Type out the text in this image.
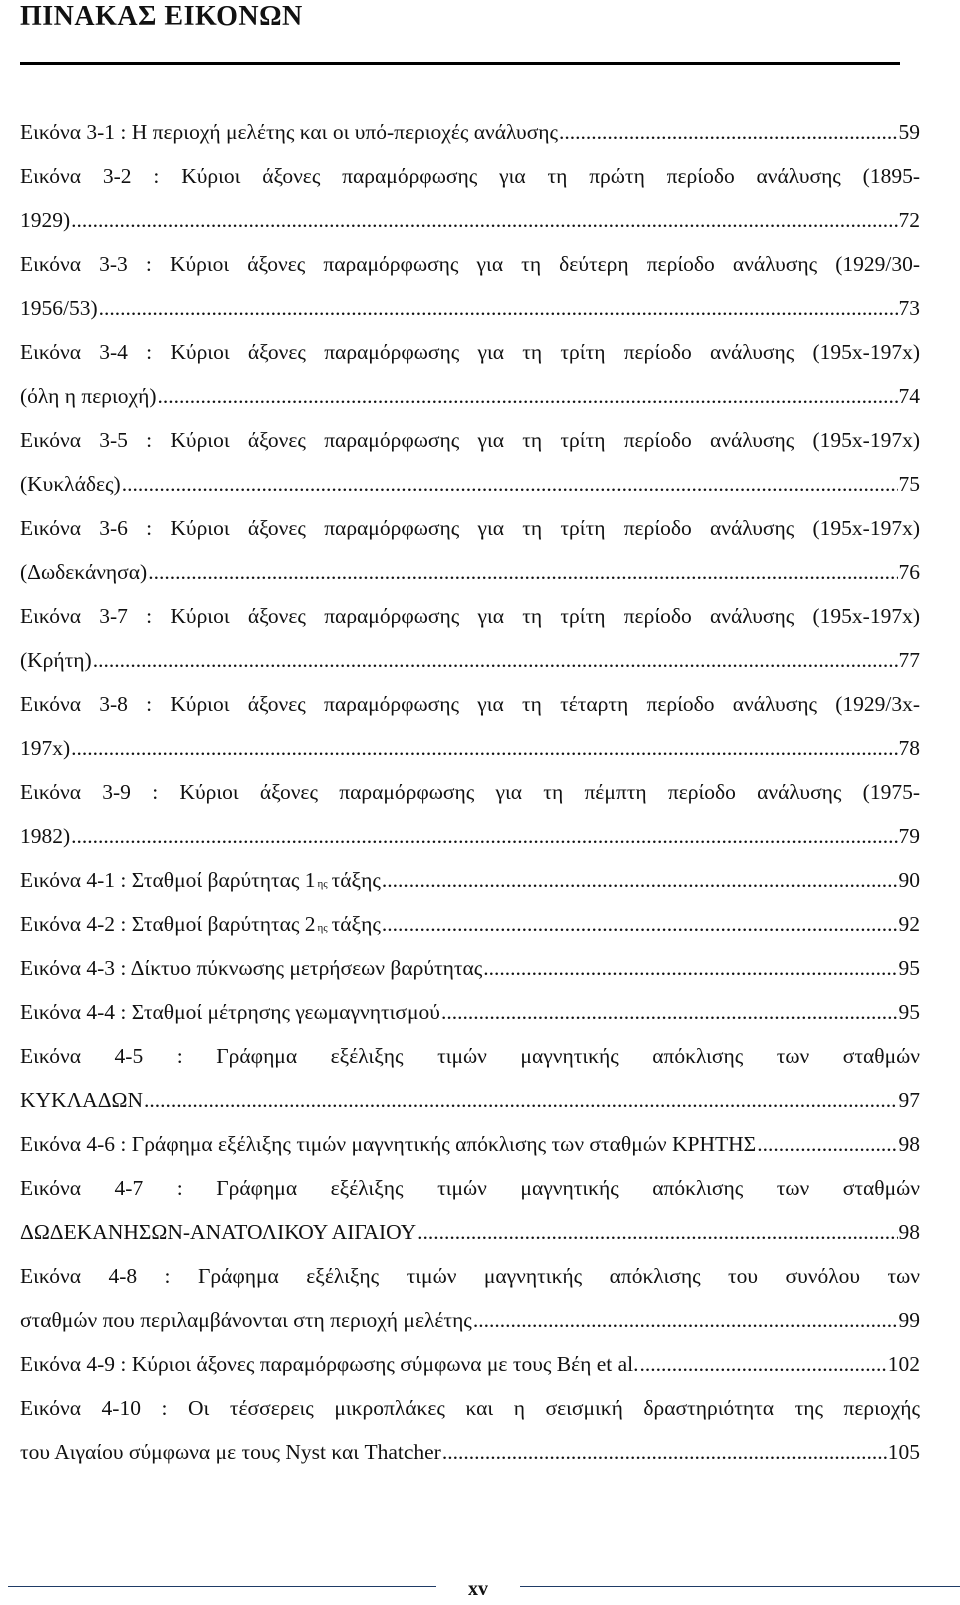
ΠΙΝΑΚΑΣ ΕΙΚΟΝΩΝ
Εικόνα 3-1 : Η περιοχή μελέτης και οι υπό-περιοχές ανάλυσης .....	59
Εικόνα 3-2 : Κύριοι άξονες παραμόρφωσης για τη πρώτη περίοδο ανάλυσης (1895-
1929) .....	72
Εικόνα 3-3 : Κύριοι άξονες παραμόρφωσης για τη δεύτερη περίοδο ανάλυσης (1929/30-
1956/53) .....	73
Εικόνα 3-4 : Κύριοι άξονες παραμόρφωσης για τη τρίτη περίοδο ανάλυσης (195x-197x)
(όλη η περιοχή) .....	74
Εικόνα 3-5 : Κύριοι άξονες παραμόρφωσης για τη τρίτη περίοδο ανάλυσης (195x-197x)
(Κυκλάδες) .....	75
Εικόνα 3-6 : Κύριοι άξονες παραμόρφωσης για τη τρίτη περίοδο ανάλυσης (195x-197x)
(Δωδεκάνησα) .....	76
Εικόνα 3-7 : Κύριοι άξονες παραμόρφωσης για τη τρίτη περίοδο ανάλυσης (195x-197x)
(Κρήτη) .....	77
Εικόνα 3-8 : Κύριοι άξονες παραμόρφωσης για τη τέταρτη περίοδο ανάλυσης (1929/3x-
197x) .....	78
Εικόνα 3-9 : Κύριοι άξονες παραμόρφωσης για τη πέμπτη περίοδο ανάλυσης (1975-
1982) .....	79
Εικόνα 4-1 : Σταθμοί βαρύτητας 1 ης τάξης .....	90
Εικόνα 4-2 : Σταθμοί βαρύτητας 2 ης τάξης .....	92
Εικόνα 4-3 : Δίκτυο πύκνωσης μετρήσεων βαρύτητας .....	95
Εικόνα 4-4 : Σταθμοί μέτρησης γεωμαγνητισμού .....	95
Εικόνα 4-5 : Γράφημα εξέλιξης τιμών μαγνητικής απόκλισης των σταθμών
ΚΥΚΛΑΔΩΝ .....	97
Εικόνα 4-6 : Γράφημα εξέλιξης τιμών μαγνητικής απόκλισης των σταθμών ΚΡΗΤΗΣ .....	98
Εικόνα 4-7 : Γράφημα εξέλιξης τιμών μαγνητικής απόκλισης των σταθμών
ΔΩΔΕΚΑΝΗΣΩΝ-ΑΝΑΤΟΛΙΚΟΥ ΑΙΓΑΙΟΥ .....	98
Εικόνα 4-8 : Γράφημα εξέλιξης τιμών μαγνητικής απόκλισης του συνόλου των
σταθμών που περιλαμβάνονται στη περιοχή μελέτης .....	99
Εικόνα 4-9 : Κύριοι άξονες παραμόρφωσης σύμφωνα με τους Βέη et al. .....	102
Εικόνα 4-10 : Οι τέσσερεις μικροπλάκες και η σεισμική δραστηριότητα της περιοχής
του Αιγαίου σύμφωνα με τους Nyst και Thatcher .....	105
xv
